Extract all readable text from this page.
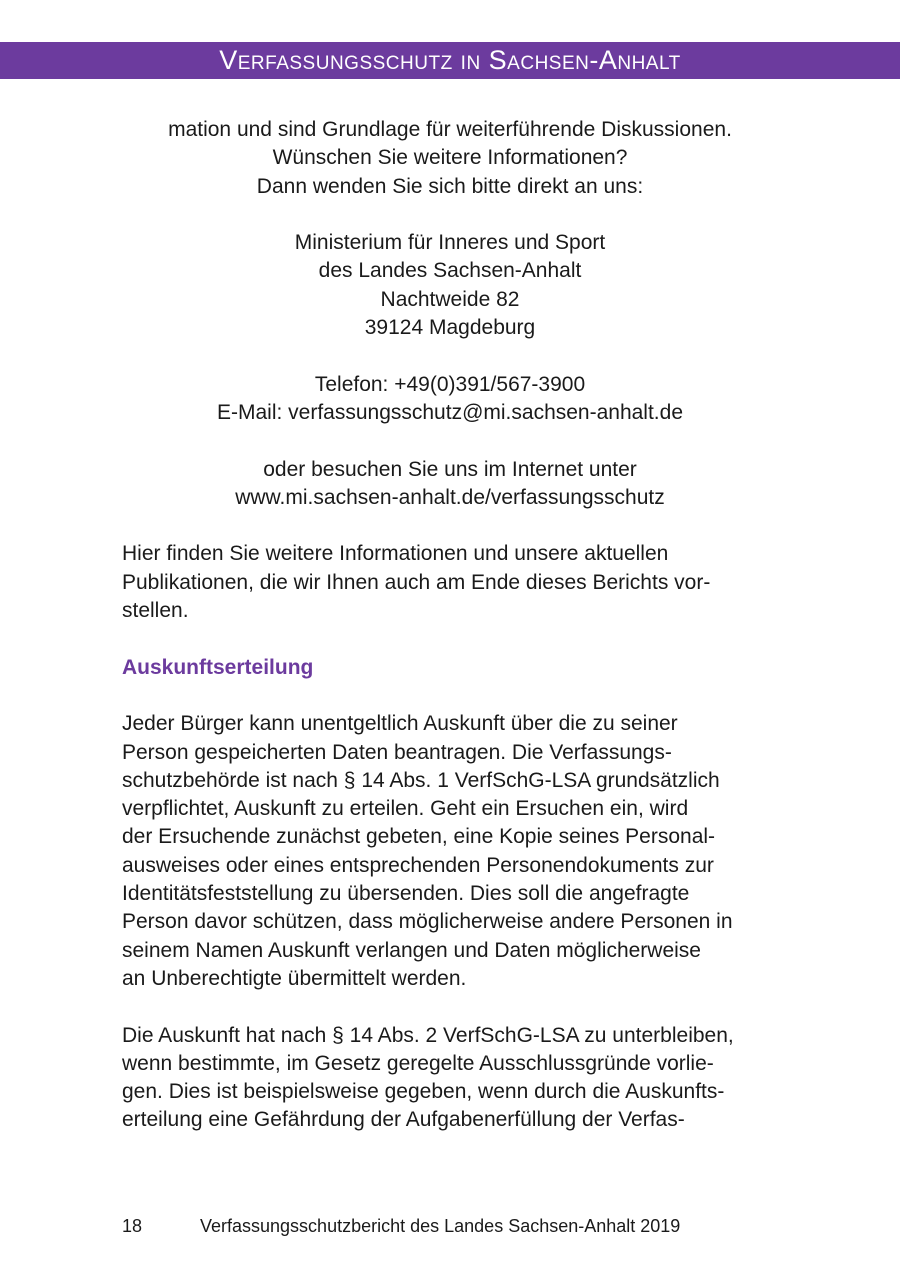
Verfassungsschutz in Sachsen-Anhalt
mation und sind Grundlage für weiterführende Diskussionen.
Wünschen Sie weitere Informationen?
Dann wenden Sie sich bitte direkt an uns:
Ministerium für Inneres und Sport
des Landes Sachsen-Anhalt
Nachtweide 82
39124 Magdeburg
Telefon: +49(0)391/567-3900
E-Mail: verfassungsschutz@mi.sachsen-anhalt.de
oder besuchen Sie uns im Internet unter
www.mi.sachsen-anhalt.de/verfassungsschutz

Hier finden Sie weitere Informationen und unsere aktuellen
Publikationen, die wir Ihnen auch am Ende dieses Berichts vor-
stellen.

Auskunftserteilung

Jeder Bürger kann unentgeltlich Auskunft über die zu seiner
Person gespeicherten Daten beantragen. Die Verfassungs-
schutzbehörde ist nach § 14 Abs. 1 VerfSchG-LSA grundsätzlich
verpflichtet, Auskunft zu erteilen. Geht ein Ersuchen ein, wird
der Ersuchende zunächst gebeten, eine Kopie seines Personal-
ausweises oder eines entsprechenden Personendokuments zur
Identitätsfeststellung zu übersenden. Dies soll die angefragte
Person davor schützen, dass möglicherweise andere Personen in
seinem Namen Auskunft verlangen und Daten möglicherweise
an Unberechtigte übermittelt werden.

Die Auskunft hat nach § 14 Abs. 2 VerfSchG-LSA zu unterbleiben,
wenn bestimmte, im Gesetz geregelte Ausschlussgründe vorlie-
gen. Dies ist beispielsweise gegeben, wenn durch die Auskunfts-
erteilung eine Gefährdung der Aufgabenerfüllung der Verfas-

18	Verfassungsschutzbericht des Landes Sachsen-Anhalt 2019
